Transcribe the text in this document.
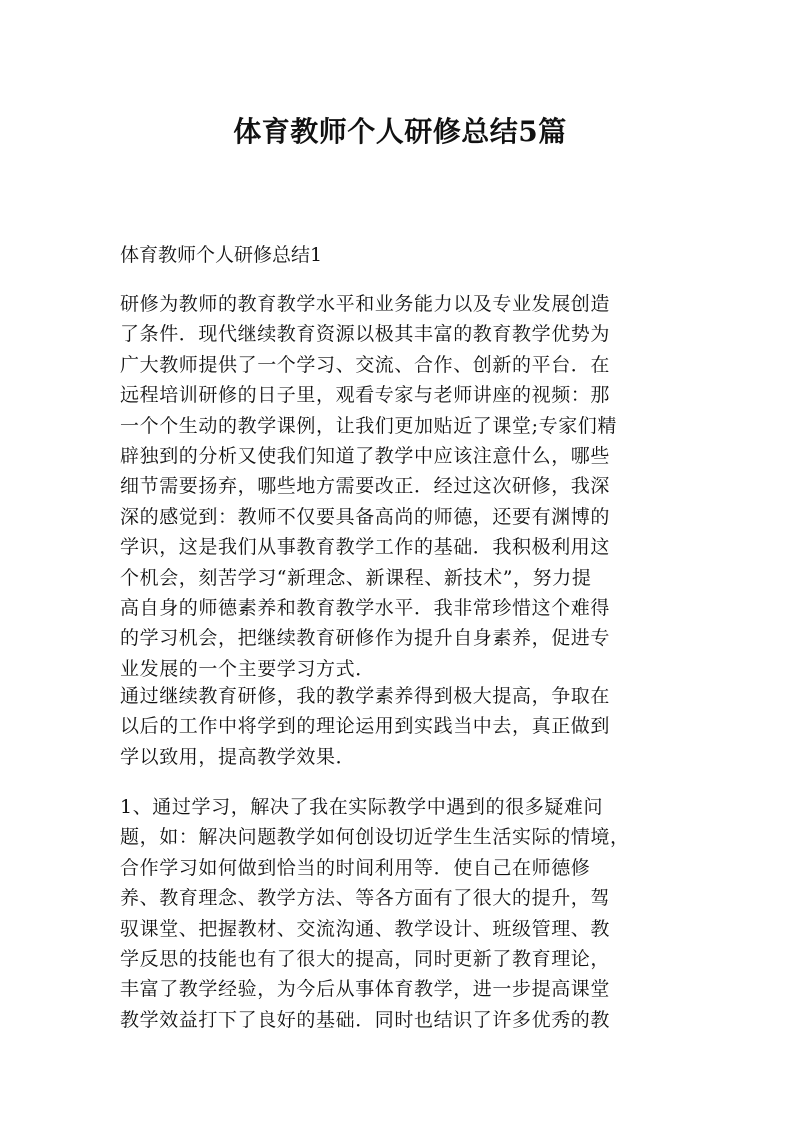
体育教师个人研修总结5篇

体育教师个人研修总结1

研修为教师的教育教学水平和业务能力以及专业发展创造
了条件．现代继续教育资源以极其丰富的教育教学优势为
广大教师提供了一个学习、交流、合作、创新的平台．在
远程培训研修的日子里，观看专家与老师讲座的视频：那
一个个生动的教学课例，让我们更加贴近了课堂;专家们精
辟独到的分析又使我们知道了教学中应该注意什么，哪些
细节需要扬弃，哪些地方需要改正．经过这次研修，我深
深的感觉到：教师不仅要具备高尚的师德，还要有渊博的
学识，这是我们从事教育教学工作的基础．我积极利用这
个机会，刻苦学习“新理念、新课程、新技术”，努力提
高自身的师德素养和教育教学水平．我非常珍惜这个难得
的学习机会，把继续教育研修作为提升自身素养，促进专
业发展的一个主要学习方式．

通过继续教育研修，我的教学素养得到极大提高，争取在
以后的工作中将学到的理论运用到实践当中去，真正做到
学以致用，提高教学效果．

1、通过学习，解决了我在实际教学中遇到的很多疑难问
题，如：解决问题教学如何创设切近学生生活实际的情境，
合作学习如何做到恰当的时间利用等．使自己在师德修
养、教育理念、教学方法、等各方面有了很大的提升，驾
驭课堂、把握教材、交流沟通、教学设计、班级管理、教
学反思的技能也有了很大的提高，同时更新了教育理论，
丰富了教学经验，为今后从事体育教学，进一步提高课堂
教学效益打下了良好的基础．同时也结识了许多优秀的教
